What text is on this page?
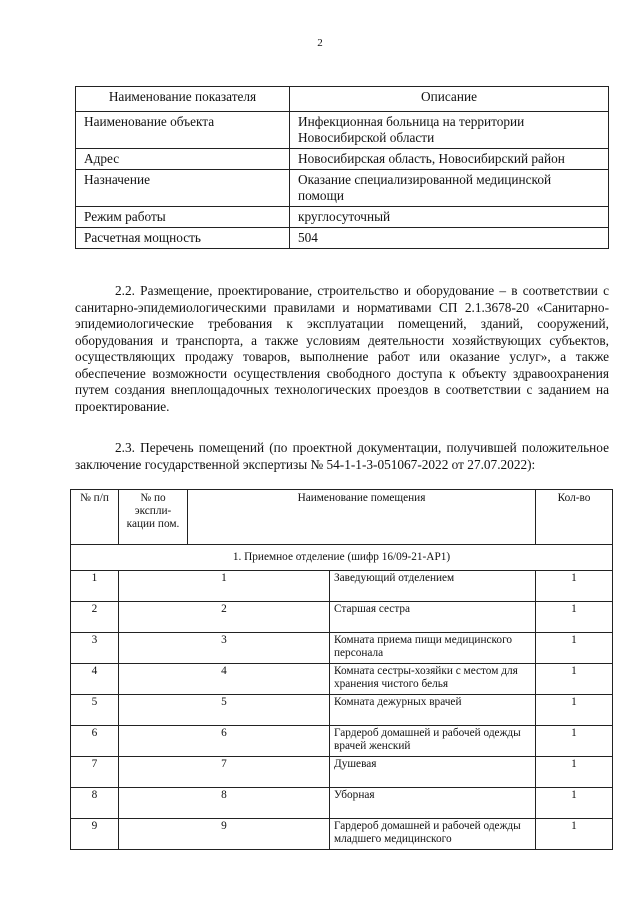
2
Наименование показателя	Описание
Наименование объекта	Инфекционная больница на территории Новосибирской области
Адрес	Новосибирская область, Новосибирский район
Назначение	Оказание специализированной медицинской помощи
Режим работы	круглосуточный
Расчетная мощность	504
2.2. Размещение, проектирование, строительство и оборудование – в соответствии с санитарно-эпидемиологическими правилами и нормативами СП 2.1.3678-20 «Санитарно-эпидемиологические требования к эксплуатации помещений, зданий, сооружений, оборудования и транспорта, а также условиям деятельности хозяйствующих субъектов, осуществляющих продажу товаров, выполнение работ или оказание услуг», а также обеспечение возможности осуществления свободного доступа к объекту здравоохранения путем создания внеплощадочных технологических проездов в соответствии с заданием на проектирование.
2.3. Перечень помещений (по проектной документации, получившей положительное заключение государственной экспертизы № 54-1-1-3-051067-2022 от 27.07.2022):
№ п/п	№ по экспли-кации пом.	Наименование помещения		Кол-во
1. Приемное отделение (шифр 16/09-21-АР1)				
1	1		Заведующий отделением	1
2	2		Старшая сестра	1
3	3		Комната приема пищи медицинского персонала	1
4	4		Комната сестры-хозяйки с местом для хранения чистого белья	1
5	5		Комната дежурных врачей	1
6	6		Гардероб домашней и рабочей одежды врачей женский	1
7	7		Душевая	1
8	8		Уборная	1
9	9		Гардероб домашней и рабочей одежды младшего медицинского	1
